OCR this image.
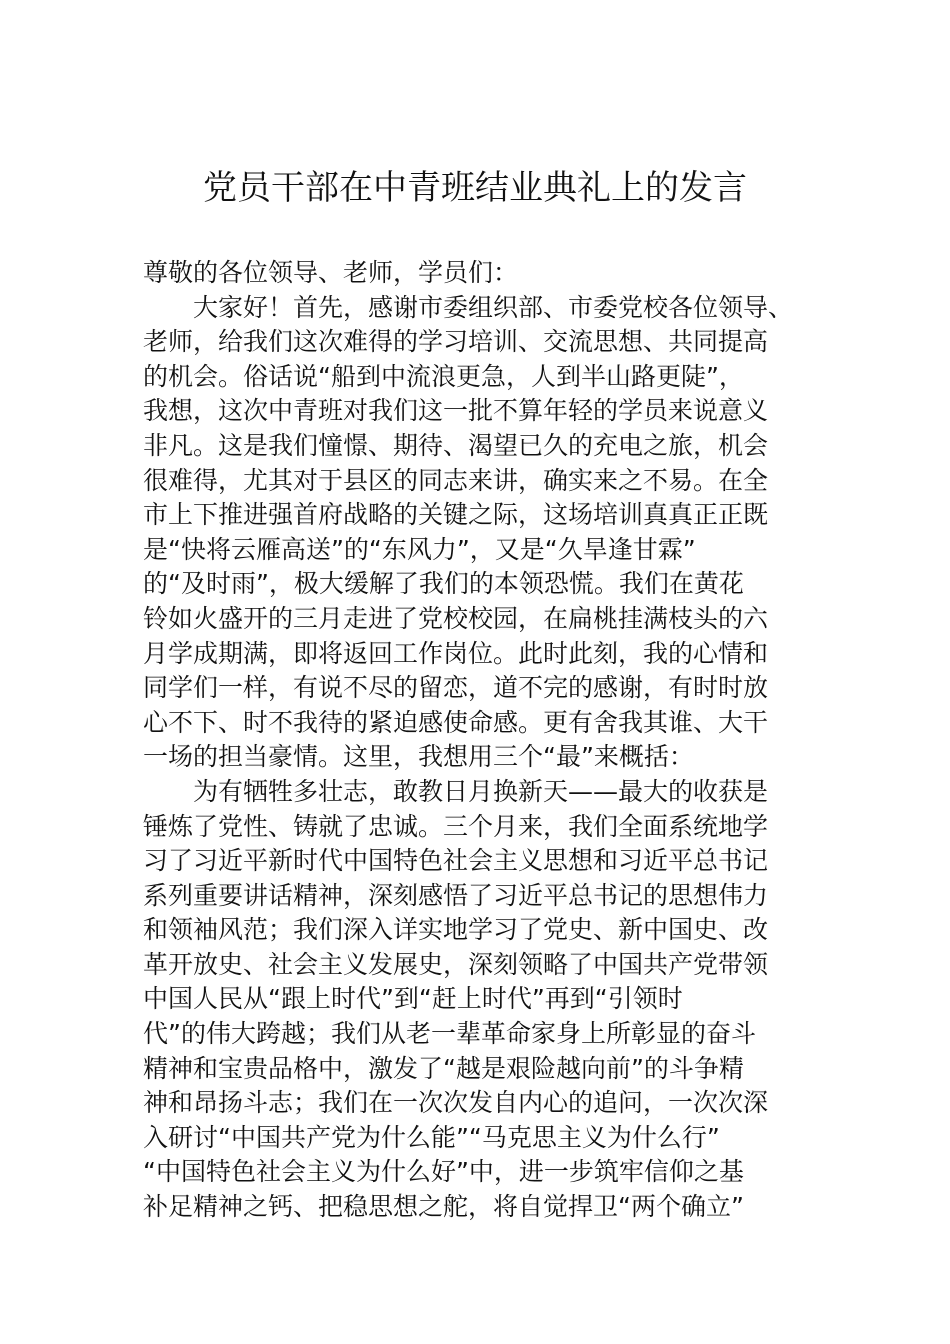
党员干部在中青班结业典礼上的发言

尊敬的各位领导、老师，学员们：

大家好！首先，感谢市委组织部、市委党校各位领导、

老师，给我们这次难得的学习培训、交流思想、共同提高

的机会。俗话说“船到中流浪更急，人到半山路更陡”，

我想，这次中青班对我们这一批不算年轻的学员来说意义

非凡。这是我们憧憬、期待、渴望已久的充电之旅，机会

很难得，尤其对于县区的同志来讲，确实来之不易。在全

市上下推进强首府战略的关键之际，这场培训真真正正既

是“快将云雁高送”的“东风力”，又是“久旱逢甘霖”

的“及时雨”，极大缓解了我们的本领恐慌。我们在黄花

铃如火盛开的三月走进了党校校园，在扁桃挂满枝头的六

月学成期满，即将返回工作岗位。此时此刻，我的心情和

同学们一样，有说不尽的留恋，道不完的感谢，有时时放

心不下、时不我待的紧迫感使命感。更有舍我其谁、大干

一场的担当豪情。这里，我想用三个“最”来概括：

为有牺牲多壮志，敢教日月换新天——最大的收获是

锤炼了党性、铸就了忠诚。三个月来，我们全面系统地学

习了习近平新时代中国特色社会主义思想和习近平总书记

系列重要讲话精神，深刻感悟了习近平总书记的思想伟力

和领袖风范；我们深入详实地学习了党史、新中国史、改

革开放史、社会主义发展史，深刻领略了中国共产党带领

中国人民从“跟上时代”到“赶上时代”再到“引领时

代”的伟大跨越；我们从老一辈革命家身上所彰显的奋斗

精神和宝贵品格中，激发了“越是艰险越向前”的斗争精

神和昂扬斗志；我们在一次次发自内心的追问，一次次深

入研讨“中国共产党为什么能”“马克思主义为什么行”

“中国特色社会主义为什么好”中，进一步筑牢信仰之基

补足精神之钙、把稳思想之舵，将自觉捍卫“两个确立”
